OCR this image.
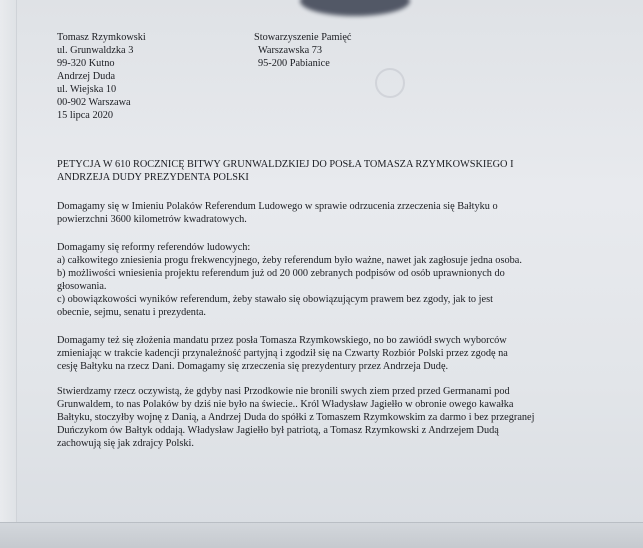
Tomasz Rzymkowski
ul. Grunwaldzka 3
99-320 Kutno
Andrzej Duda
ul. Wiejska 10
00-902 Warszawa
15 lipca 2020
Stowarzyszenie Pamięć
Warszawska 73
95-200 Pabianice
PETYCJA W 610 ROCZNICĘ BITWY GRUNWALDZKIEJ DO POSŁA TOMASZA RZYMKOWSKIEGO I
ANDRZEJA DUDY PREZYDENTA POLSKI
Domagamy się w Imieniu Polaków Referendum Ludowego w sprawie odrzucenia zrzeczenia się Bałtyku o
powierzchni 3600 kilometrów kwadratowych.
Domagamy się reformy referendów ludowych:
a) całkowitego zniesienia progu frekwencyjnego, żeby referendum było ważne, nawet jak zagłosuje jedna osoba.
b) możliwości wniesienia projektu referendum już od 20 000 zebranych podpisów od osób uprawnionych do
głosowania.
c) obowiązkowości wyników referendum, żeby stawało się obowiązującym prawem bez zgody, jak to jest
obecnie, sejmu, senatu i prezydenta.
Domagamy też się złożenia mandatu przez posła Tomasza Rzymkowskiego, no bo zawiódł swych wyborców
zmieniając w trakcie kadencji przynależność partyjną i zgodził się na Czwarty Rozbiór Polski przez zgodę na
cesję Bałtyku na rzecz Dani. Domagamy się zrzeczenia się prezydentury przez Andrzeja Dudę.
Stwierdzamy rzecz oczywistą, że gdyby nasi Przodkowie nie bronili swych ziem przed przed Germanami pod
Grunwaldem, to nas Polaków by dziś nie było na świecie.. Król Władysław Jagiełło w obronie owego kawałka
Bałtyku, stoczyłby wojnę z Danią, a Andrzej Duda do spółki z Tomaszem Rzymkowskim za darmo i bez przegranej
Duńczykom ów Bałtyk oddają. Władysław Jagiełło był patriotą, a Tomasz Rzymkowski z Andrzejem Dudą
zachowują się jak zdrajcy Polski.
